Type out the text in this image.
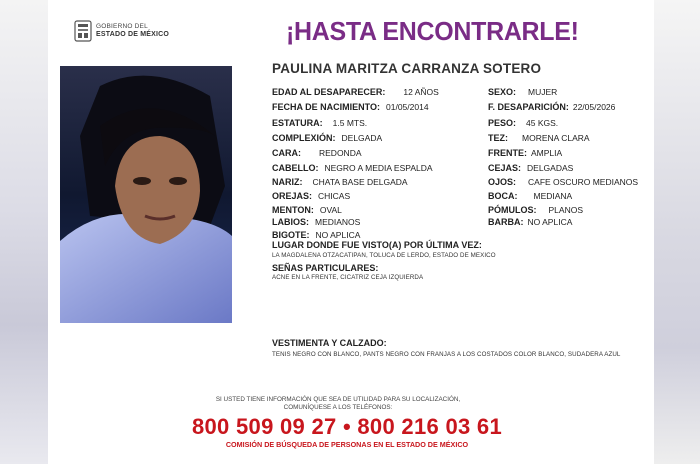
GOBIERNO DEL
ESTADO DE MÉXICO	¡HASTA ENCONTRARLE!
PAULINA MARITZA CARRANZA SOTERO
EDAD AL DESAPARECER: 12 AÑOS
FECHA DE NACIMIENTO: 01/05/2014
ESTATURA: 1.5 MTS.
COMPLEXIÓN: DELGADA
CARA: REDONDA
CABELLO: NEGRO A MEDIA ESPALDA
NARIZ: CHATA BASE DELGADA
OREJAS: CHICAS
MENTON: OVAL
LABIOS: MEDIANOS
BIGOTE: NO APLICA
SEXO: MUJER
F. DESAPARICIÓN: 22/05/2026
PESO: 45 KGS.
TEZ: MORENA CLARA
FRENTE: AMPLIA
CEJAS: DELGADAS
OJOS: CAFE OSCURO MEDIANOS
BOCA: MEDIANA
PÓMULOS: PLANOS
BARBA: NO APLICA
LUGAR DONDE FUE VISTO(A) POR ÚLTIMA VEZ:
LA MAGDALENA OTZACATIPAN, TOLUCA DE LERDO, ESTADO DE MEXICO
SEÑAS PARTICULARES:
ACNE EN LA FRENTE, CICATRIZ CEJA IZQUIERDA
VESTIMENTA Y CALZADO:
TENIS NEGRO CON BLANCO, PANTS NEGRO CON FRANJAS A LOS COSTADOS COLOR BLANCO, SUDADERA AZUL
SI USTED TIENE INFORMACIÓN QUE SEA DE UTILIDAD PARA SU LOCALIZACIÓN,
COMUNÍQUESE A LOS TELÉFONOS:
800 509 09 27 • 800 216 03 61
COMISIÓN DE BÚSQUEDA DE PERSONAS EN EL ESTADO DE MÉXICO
